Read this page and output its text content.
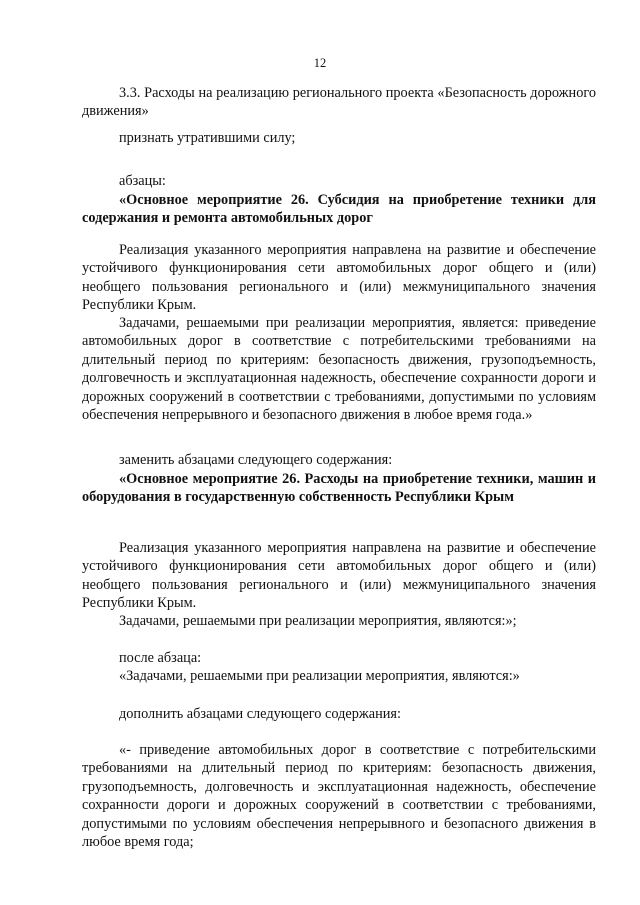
12

3.3. Расходы на реализацию регионального проекта «Безопасность дорожного движения»

признать утратившими силу;

абзацы:

«Основное мероприятие 26. Субсидия на приобретение техники для содержания и ремонта автомобильных дорог

Реализация указанного мероприятия направлена на развитие и обеспечение устойчивого функционирования сети автомобильных дорог общего и (или) необщего пользования регионального и (или) межмуниципального значения Республики Крым.

Задачами, решаемыми при реализации мероприятия, является: приведение автомобильных дорог в соответствие с потребительскими требованиями на длительный период по критериям: безопасность движения, грузоподъемность, долговечность и эксплуатационная надежность, обеспечение сохранности дороги и дорожных сооружений в соответствии с требованиями, допустимыми по условиям обеспечения непрерывного и безопасного движения в любое время года.»

заменить абзацами следующего содержания:

«Основное мероприятие 26. Расходы на приобретение техники, машин и оборудования в государственную собственность Республики Крым

Реализация указанного мероприятия направлена на развитие и обеспечение устойчивого функционирования сети автомобильных дорог общего и (или) необщего пользования регионального и (или) межмуниципального значения Республики Крым.

Задачами, решаемыми при реализации мероприятия, являются:»;

после абзаца:

«Задачами, решаемыми при реализации мероприятия, являются:»

дополнить абзацами следующего содержания:

«- приведение автомобильных дорог в соответствие с потребительскими требованиями на длительный период по критериям: безопасность движения, грузоподъемность, долговечность и эксплуатационная надежность, обеспечение сохранности дороги и дорожных сооружений в соответствии с требованиями, допустимыми по условиям обеспечения непрерывного и безопасного движения в любое время года;
